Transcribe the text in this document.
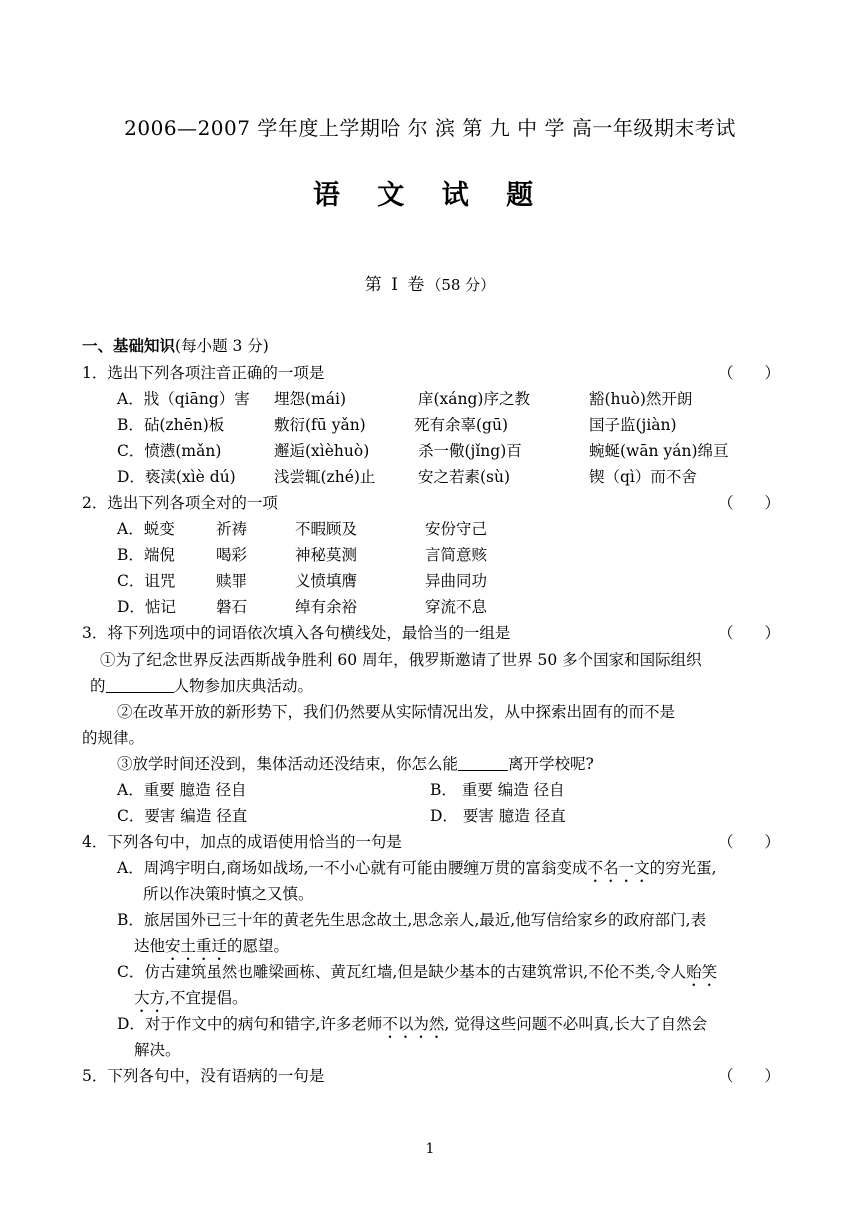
2006—2007 学年度上学期哈 尔 滨 第 九 中 学 高一年级期末考试
语 文 试 题
第 Ⅰ 卷（58 分）
一、基础知识(每小题 3 分)
1．选出下列各项注音正确的一项是	（　　）
A．戕（qiāng）害 埋怨(mái)	庠(xáng)序之教	豁(huò)然开朗
B．砧(zhēn)板	敷衍(fū yǎn)	死有余辜(gū)	国子监(jiàn)
C．愤懑(mǎn)	邂逅(xìèhuò)	杀一儆(jǐng)百	蜿蜒(wān yán)绵亘
D．亵渎(xìè dú) 浅尝辄(zhé)止	安之若素(sù)	锲（qì）而不舍
2．选出下列各项全对的一项	（　　）
A．蜕变	祈祷	不暇顾及	安份守己
B．端倪	喝彩	神秘莫测	言简意赅
C．诅咒	赎罪	义愤填膺	异曲同功
D．惦记	磐石	绰有余裕	穿流不息
3．将下列选项中的词语依次填入各句横线处，最恰当的一组是	（　　）
①为了纪念世界反法西斯战争胜利 60 周年，俄罗斯邀请了世界 50 多个国家和国际组织
的	人物参加庆典活动。
②在改革开放的新形势下，我们仍然要从实际情况出发，从中探索出固有的而不是
的规律。
③放学时间还没到，集体活动还没结束，你怎么能	离开学校呢?
A．重要 臆造 径自	B． 重要 编造 径自
C．要害 编造 径直	D． 要害 臆造 径直
4．下列各句中，加点的成语使用恰当的一句是	（　　）
A．周鸿宇明白,商场如战场,一不小心就有可能由腰缠万贯的富翁变成不名一文的穷光蛋,
所以作决策时慎之又慎。
B．旅居国外已三十年的黄老先生思念故土,思念亲人,最近,他写信给家乡的政府部门,表
达他安土重迁的愿望。
C．仿古建筑虽然也雕梁画栋、黄瓦红墙,但是缺少基本的古建筑常识,不伦不类,令人贻笑
大方,不宜提倡。
D．对于作文中的病句和错字,许多老师不以为然, 觉得这些问题不必叫真,长大了自然会
解决。
5．下列各句中，没有语病的一句是	（　　）
1
